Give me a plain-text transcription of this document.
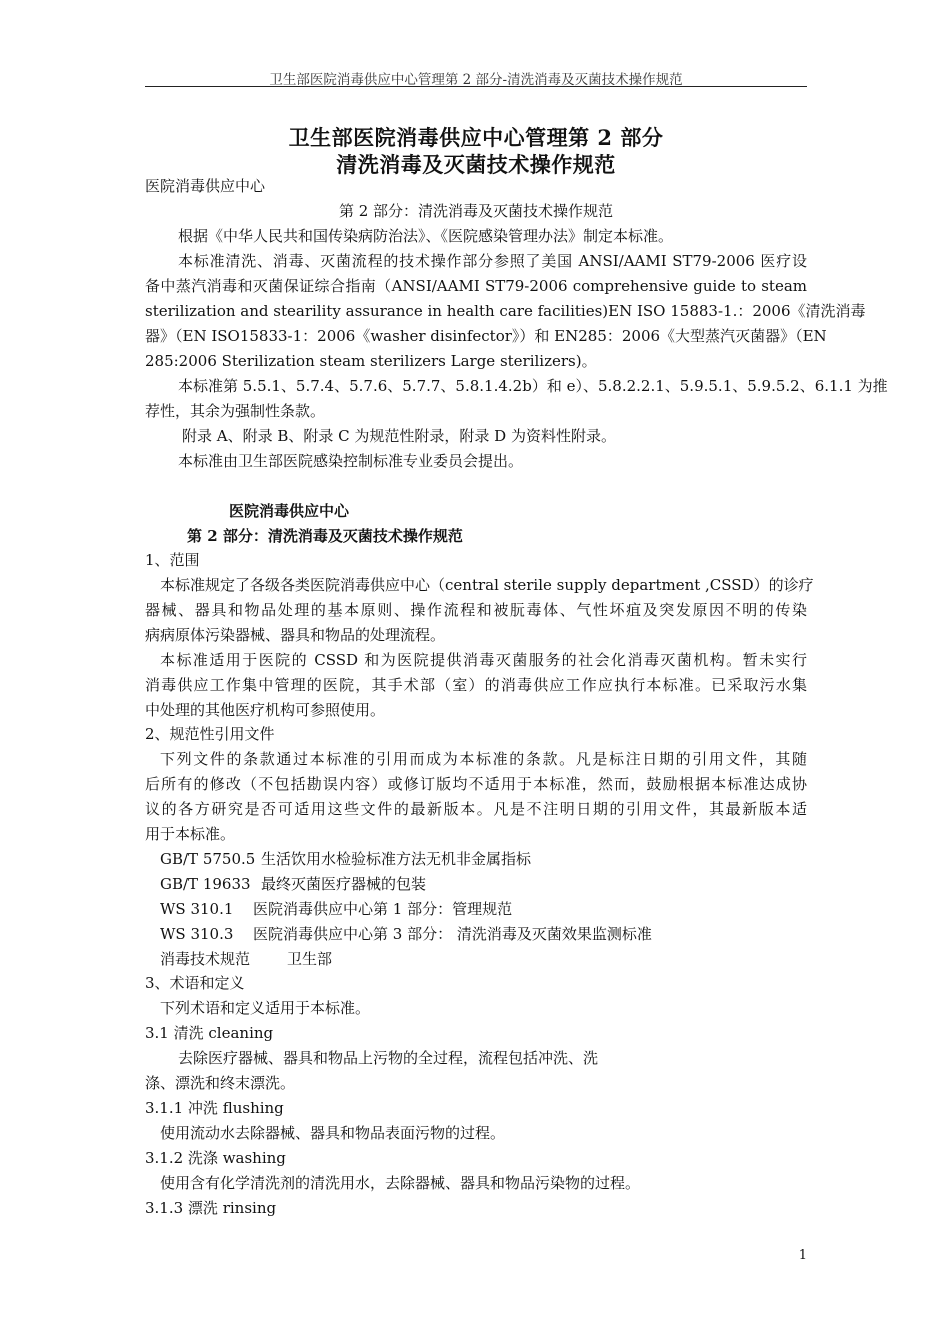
卫生部医院消毒供应中心管理第 2 部分-清洗消毒及灭菌技术操作规范
卫生部医院消毒供应中心管理第 2 部分
清洗消毒及灭菌技术操作规范
医院消毒供应中心
第 2 部分：清洗消毒及灭菌技术操作规范
根据《中华人民共和国传染病防治法》、《医院感染管理办法》制定本标准。
本标准清洗、消毒、灭菌流程的技术操作部分参照了美国 ANSI/AAMI ST79-2006 医疗设
备中蒸汽消毒和灭菌保证综合指南（ANSI/AAMI ST79-2006 comprehensive guide to steam
sterilization and stearility assurance in health care facilities)EN ISO 15883-1.：2006《清洗消毒
器》（EN ISO15833-1：2006《washer disinfector》）和 EN285：2006《大型蒸汽灭菌器》（EN
285:2006 Sterilization steam sterilizers Large sterilizers)。
本标准第 5.5.1、5.7.4、5.7.6、5.7.7、5.8.1.4.2b）和 e）、5.8.2.2.1、5.9.5.1、5.9.5.2、6.1.1 为推
荐性，其余为强制性条款。
附录 A、附录 B、附录 C 为规范性附录，附录 D 为资料性附录。
本标准由卫生部医院感染控制标准专业委员会提出。
医院消毒供应中心
第 2 部分：清洗消毒及灭菌技术操作规范
1、范围
本标准规定了各级各类医院消毒供应中心（central sterile supply department ,CSSD）的诊疗
器械、器具和物品处理的基本原则、操作流程和被朊毒体、气性坏疽及突发原因不明的传染
病病原体污染器械、器具和物品的处理流程。
本标准适用于医院的 CSSD 和为医院提供消毒灭菌服务的社会化消毒灭菌机构。暂未实行
消毒供应工作集中管理的医院，其手术部（室）的消毒供应工作应执行本标准。已采取污水集
中处理的其他医疗机构可参照使用。
2、规范性引用文件
下列文件的条款通过本标准的引用而成为本标准的条款。凡是标注日期的引用文件，其随
后所有的修改（不包括勘误内容）或修订版均不适用于本标准，然而，鼓励根据本标准达成协
议的各方研究是否可适用这些文件的最新版本。凡是不注明日期的引用文件，其最新版本适
用于本标准。
GB/T 5750.5 生活饮用水检验标准方法无机非金属指标
GB/T 19633 最终灭菌医疗器械的包装
WS 310.1 医院消毒供应中心第 1 部分：管理规范
WS 310.3 医院消毒供应中心第 3 部分： 清洗消毒及灭菌效果监测标准
消毒技术规范 卫生部
3、术语和定义
下列术语和定义适用于本标准。
3.1 清洗 cleaning
去除医疗器械、器具和物品上污物的全过程，流程包括冲洗、洗
涤、漂洗和终末漂洗。
3.1.1 冲洗 flushing
使用流动水去除器械、器具和物品表面污物的过程。
3.1.2 洗涤 washing
使用含有化学清洗剂的清洗用水，去除器械、器具和物品污染物的过程。
3.1.3 漂洗 rinsing
1
